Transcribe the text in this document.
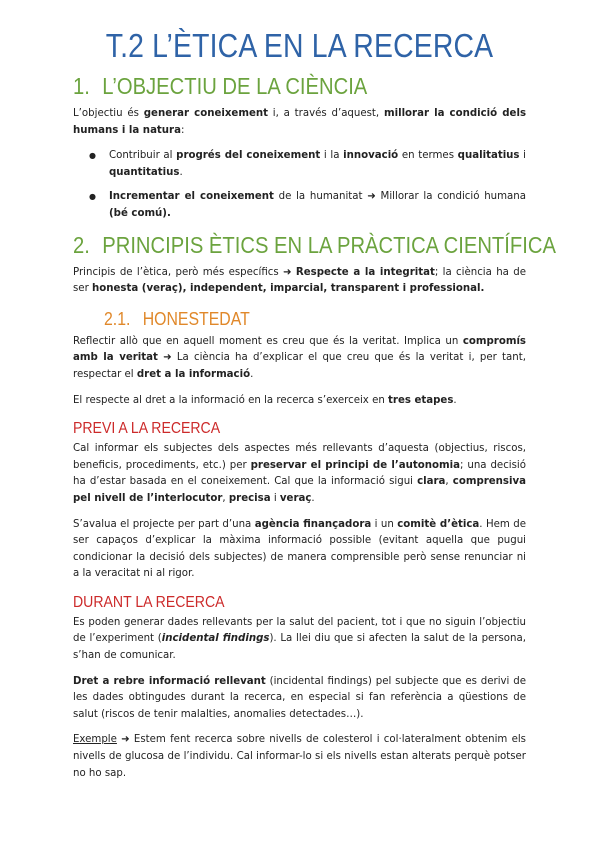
T.2 L’ÈTICA EN LA RECERCA
1. L’OBJECTIU DE LA CIÈNCIA

L’objectiu és generar coneixement i, a través d’aquest, millorar la condició dels humans i la natura:

● Contribuir al progrés del coneixement i la innovació en termes qualitatius i quantitatius.
● Incrementar el coneixement de la humanitat ➜ Millorar la condició humana (bé comú).
2. PRINCIPIS ÈTICS EN LA PRÀCTICA CIENTÍFICA

Principis de l’ètica, però més específics ➜ Respecte a la integritat; la ciència ha de ser honesta (veraç), independent, imparcial, transparent i professional.

2.1. HONESTEDAT

Reflectir allò que en aquell moment es creu que és la veritat. Implica un compromís amb la veritat ➜ La ciència ha d’explicar el que creu que és la veritat i, per tant, respectar el dret a la informació.

El respecte al dret a la informació en la recerca s’exerceix en tres etapes.

PREVI A LA RECERCA

Cal informar els subjectes dels aspectes més rellevants d’aquesta (objectius, riscos, beneficis, procediments, etc.) per preservar el principi de l’autonomia; una decisió ha d’estar basada en el coneixement. Cal que la informació sigui clara, comprensiva pel nivell de l’interlocutor, precisa i veraç.

S’avalua el projecte per part d’una agència finançadora i un comitè d’ètica. Hem de ser capaços d’explicar la màxima informació possible (evitant aquella que pugui condicionar la decisió dels subjectes) de manera comprensible però sense renunciar ni a la veracitat ni al rigor.

DURANT LA RECERCA

Es poden generar dades rellevants per la salut del pacient, tot i que no siguin l’objectiu de l’experiment (incidental findings). La llei diu que si afecten la salut de la persona, s’han de comunicar.

Dret a rebre informació rellevant (incidental findings) pel subjecte que es derivi de les dades obtingudes durant la recerca, en especial si fan referència a qüestions de salut (riscos de tenir malalties, anomalies detectades…).

Exemple ➜ Estem fent recerca sobre nivells de colesterol i col·lateralment obtenim els nivells de glucosa de l’individu. Cal informar-lo si els nivells estan alterats perquè potser no ho sap.
